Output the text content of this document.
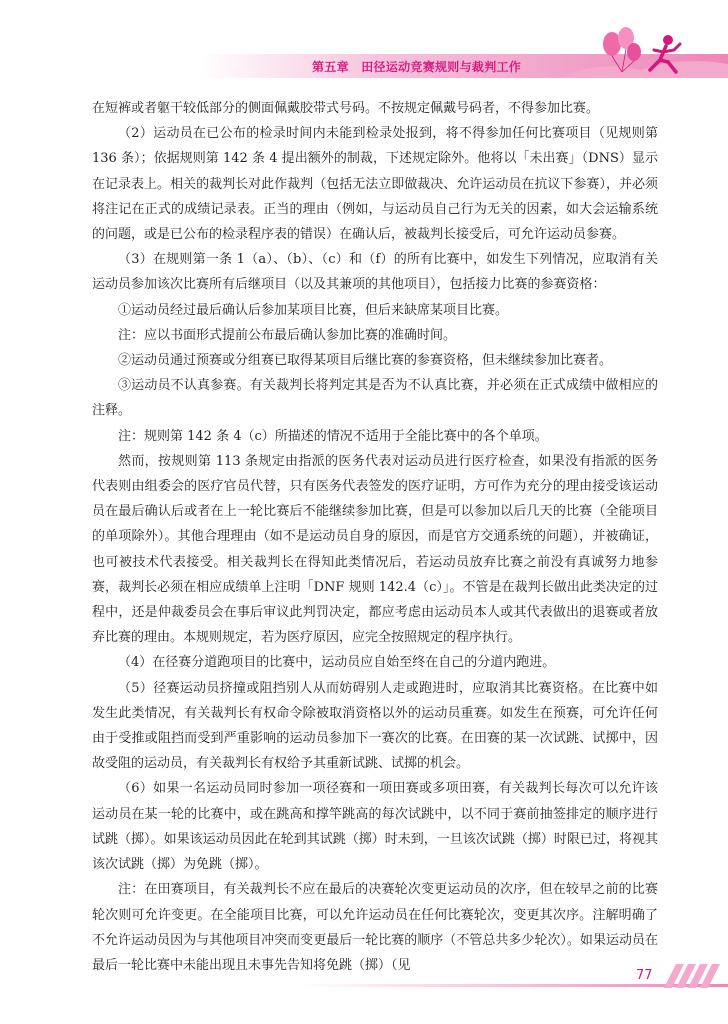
第五章　田径运动竞赛规则与裁判工作

在短裤或者躯干较低部分的侧面佩戴胶带式号码。不按规定佩戴号码者，不得参加比赛。

（2）运动员在已公布的检录时间内未能到检录处报到，将不得参加任何比赛项目（见规则第 136 条）；依据规则第 142 条 4 提出额外的制裁，下述规定除外。他将以「未出赛」（DNS）显示在记录表上。相关的裁判长对此作裁判（包括无法立即做裁决、允许运动员在抗议下参赛），并必须将注记在正式的成绩记录表。正当的理由（例如，与运动员自己行为无关的因素，如大会运输系统的问题，或是已公布的检录程序表的错误）在确认后，被裁判长接受后，可允许运动员参赛。

（3）在规则第一条 1（a）、（b）、（c）和（f）的所有比赛中，如发生下列情况，应取消有关运动员参加该次比赛所有后继项目（以及其兼项的其他项目），包括接力比赛的参赛资格：

①运动员经过最后确认后参加某项目比赛，但后来缺席某项目比赛。

注：应以书面形式提前公布最后确认参加比赛的准确时间。

②运动员通过预赛或分组赛已取得某项目后继比赛的参赛资格，但未继续参加比赛者。

③运动员不认真参赛。有关裁判长将判定其是否为不认真比赛，并必须在正式成绩中做相应的注释。

注：规则第 142 条 4（c）所描述的情况不适用于全能比赛中的各个单项。

然而，按规则第 113 条规定由指派的医务代表对运动员进行医疗检查，如果没有指派的医务代表则由组委会的医疗官员代替，只有医务代表签发的医疗证明，方可作为充分的理由接受该运动员在最后确认后或者在上一轮比赛后不能继续参加比赛，但是可以参加以后几天的比赛（全能项目的单项除外）。其他合理理由（如不是运动员自身的原因，而是官方交通系统的问题），并被确证，也可被技术代表接受。相关裁判长在得知此类情况后，若运动员放弃比赛之前没有真诚努力地参赛，裁判长必须在相应成绩单上注明「DNF 规则 142.4（c）」。不管是在裁判长做出此类决定的过程中，还是仲裁委员会在事后审议此判罚决定，都应考虑由运动员本人或其代表做出的退赛或者放弃比赛的理由。本规则规定，若为医疗原因，应完全按照规定的程序执行。

（4）在径赛分道跑项目的比赛中，运动员应自始至终在自己的分道内跑进。

（5）径赛运动员挤撞或阻挡别人从而妨碍别人走或跑进时，应取消其比赛资格。在比赛中如发生此类情况，有关裁判长有权命令除被取消资格以外的运动员重赛。如发生在预赛，可允许任何由于受推或阻挡而受到严重影响的运动员参加下一赛次的比赛。在田赛的某一次试跳、试掷中，因故受阻的运动员，有关裁判长有权给予其重新试跳、试掷的机会。

（6）如果一名运动员同时参加一项径赛和一项田赛或多项田赛，有关裁判长每次可以允许该运动员在某一轮的比赛中，或在跳高和撑竿跳高的每次试跳中，以不同于赛前抽签排定的顺序进行试跳（掷）。如果该运动员因此在轮到其试跳（掷）时未到，一旦该次试跳（掷）时限已过，将视其该次试跳（掷）为免跳（掷）。

注：在田赛项目，有关裁判长不应在最后的决赛轮次变更运动员的次序，但在较早之前的比赛轮次则可允许变更。在全能项目比赛，可以允许运动员在任何比赛轮次，变更其次序。注解明确了不允许运动员因为与其他项目冲突而变更最后一轮比赛的顺序（不管总共多少轮次）。如果运动员在最后一轮比赛中未能出现且未事先告知将免跳（掷）（见

77
